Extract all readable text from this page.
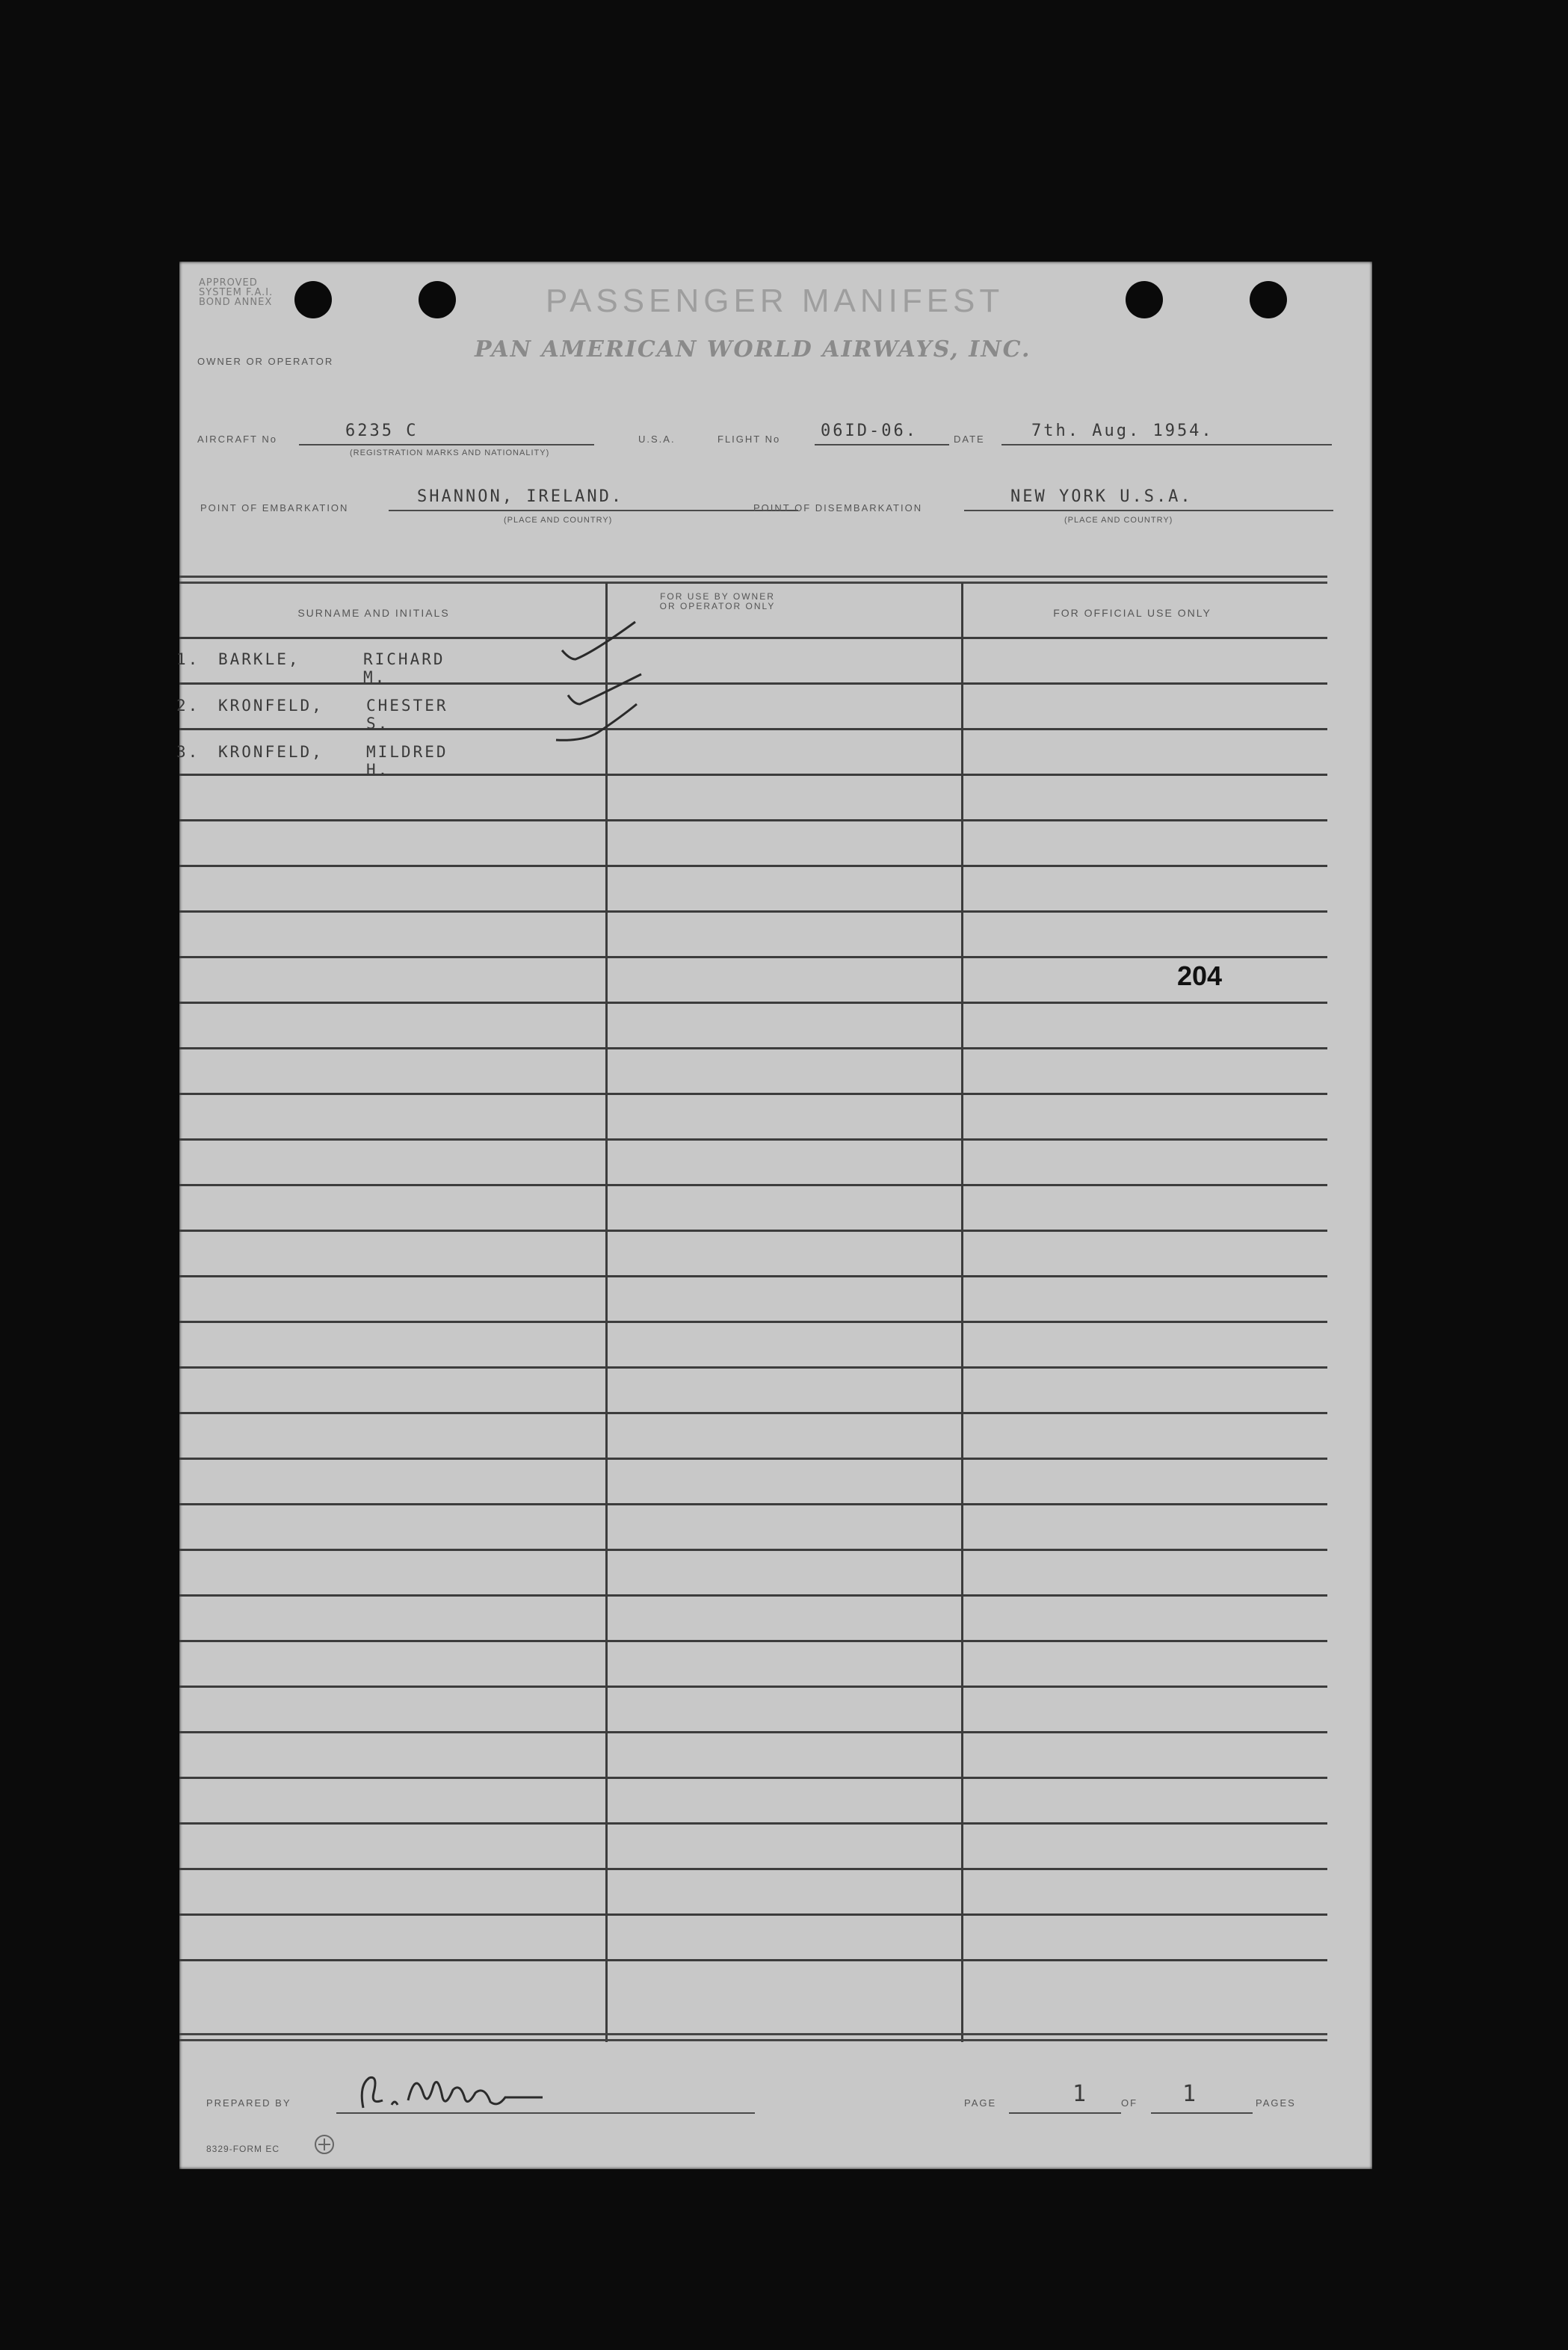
APPROVED
SYSTEM F.A.I.
BOND ANNEX	PASSENGER MANIFEST
OWNER OR OPERATOR	PAN AMERICAN WORLD AIRWAYS, INC.
AIRCRAFT No	6235 C
(REGISTRATION MARKS AND NATIONALITY)
U.S.A.	FLIGHT No 06ID-06.	DATE	7th. Aug. 1954.
POINT OF EMBARKATION
SHANNON, IRELAND.
(PLACE AND COUNTRY)
POINT OF DISEMBARKATION
NEW YORK U.S.A.
(PLACE AND COUNTRY)
SURNAME AND INITIALS
FOR USE BY OWNER
OR OPERATOR ONLY
FOR OFFICIAL USE ONLY
1. BARKLE,	RICHARD M.
2. KRONFELD,	CHESTER S.
3. KRONFELD,	MILDRED H.
204
PREPARED BY	PAGE	1	OF 1	PAGES
8329-FORM EC
